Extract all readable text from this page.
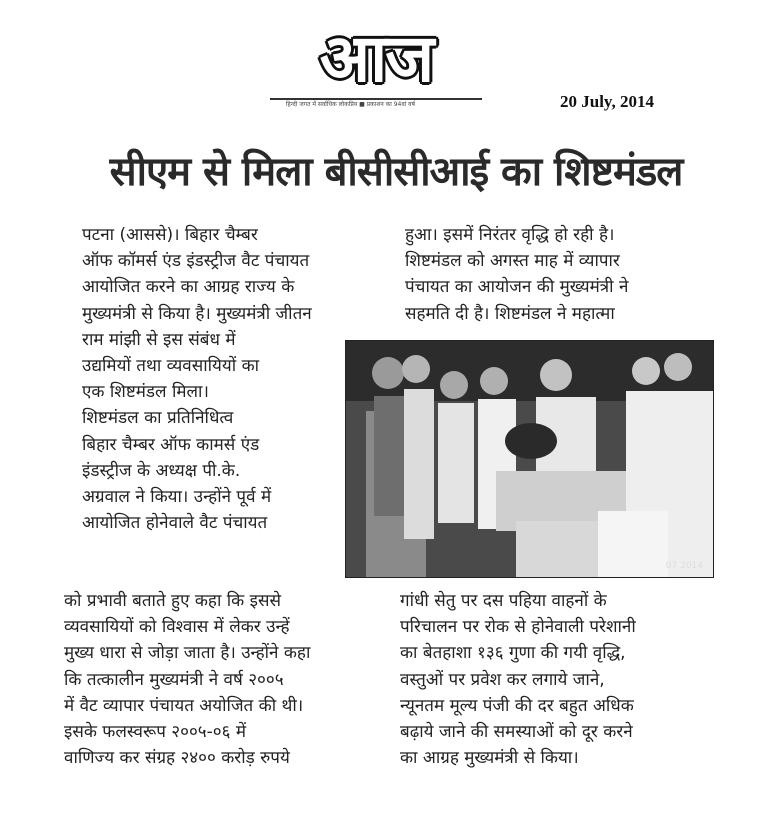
आज
हिन्दी जगत में सर्वाधिक लोकप्रिय ■ प्रकाशन का 94वां वर्ष	20 July, 2014
सीएम से मिला बीसीसीआई का शिष्टमंडल
पटना (आससे)। बिहार चैम्बर
ऑफ कॉमर्स एंड इंडस्ट्रीज वैट पंचायत
आयोजित करने का आग्रह राज्य के
मुख्यमंत्री से किया है। मुख्यमंत्री जीतन
राम मांझी से इस संबंध में
उद्यमियों तथा व्यवसायियों का
एक शिष्टमंडल मिला।
शिष्टमंडल का प्रतिनिधित्व
बिहार चैम्बर ऑफ कामर्स एंड
इंडस्ट्रीज के अध्यक्ष पी.के.
अग्रवाल ने किया। उन्होंने पूर्व में
आयोजित होनेवाले वैट पंचायत
को प्रभावी बताते हुए कहा कि इससे
व्यवसायियों को विश्वास में लेकर उन्हें
मुख्य धारा से जोड़ा जाता है। उन्होंने कहा
कि तत्कालीन मुख्यमंत्री ने वर्ष २००५
में वैट व्यापार पंचायत अयोजित की थी।
इसके फलस्वरूप २००५-०६ में
वाणिज्य कर संग्रह २४०० करोड़ रुपये
हुआ। इसमें निरंतर वृद्धि हो रही है।
शिष्टमंडल को अगस्त माह में व्यापार
पंचायत का आयोजन की मुख्यमंत्री ने
सहमति दी है। शिष्टमंडल ने महात्मा
07 2014
गांधी सेतु पर दस पहिया वाहनों के
परिचालन पर रोक से होनेवाली परेशानी
का बेतहाशा १३६ गुणा की गयी वृद्धि,
वस्तुओं पर प्रवेश कर लगाये जाने,
न्यूनतम मूल्य पंजी की दर बहुत अधिक
बढ़ाये जाने की समस्याओं को दूर करने
का आग्रह मुख्यमंत्री से किया।
